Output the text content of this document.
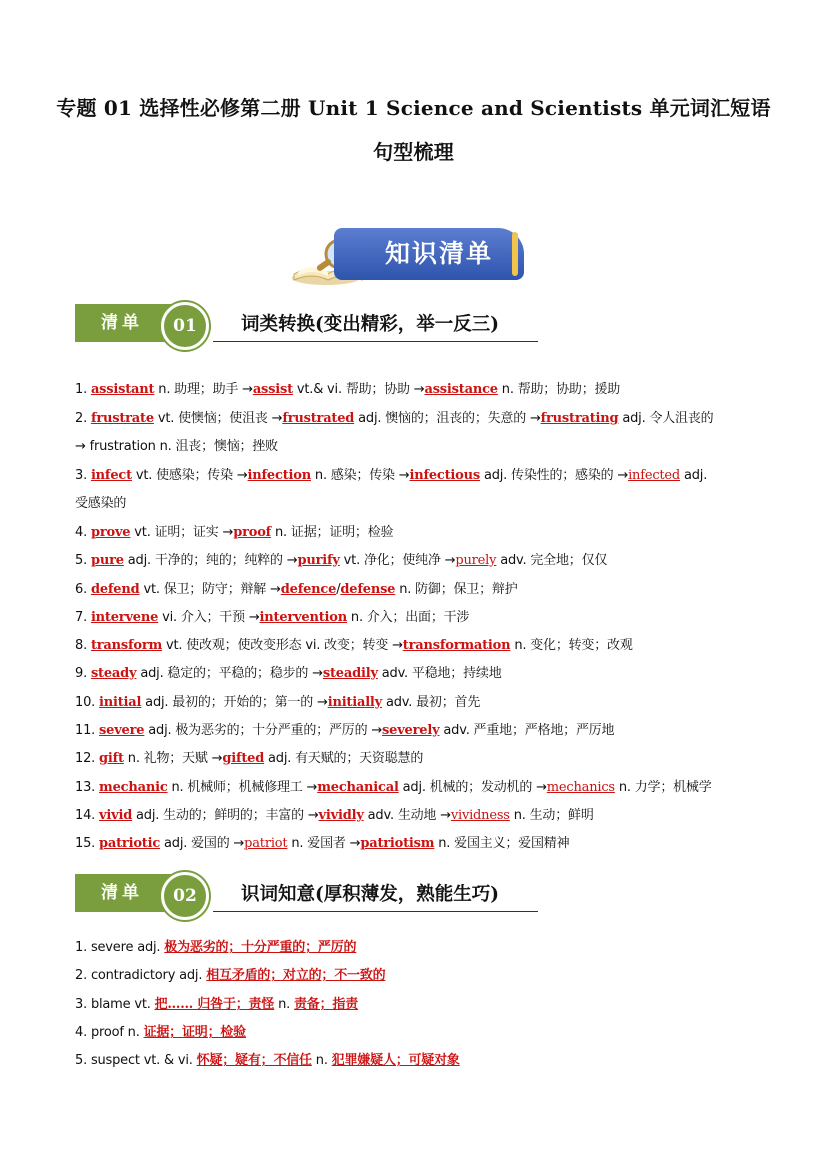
专题 01 选择性必修第二册 Unit 1 Science and Scientists 单元词汇短语
句型梳理
知识清单
清单	01	词类转换(变出精彩，举一反三)
1. assistant n. 助理；助手 →assist vt.& vi. 帮助；协助 →assistance n. 帮助；协助；援助
2. frustrate vt. 使懊恼；使沮丧 →frustrated adj. 懊恼的；沮丧的；失意的 →frustrating adj. 令人沮丧的
→ frustration n. 沮丧；懊恼；挫败
3. infect vt. 使感染；传染 →infection n. 感染；传染 →infectious adj. 传染性的；感染的 →infected adj.
受感染的
4. prove vt. 证明；证实 →proof n. 证据；证明；检验
5. pure adj. 干净的；纯的；纯粹的 →purify vt. 净化；使纯净 →purely adv. 完全地；仅仅
6. defend vt. 保卫；防守；辩解 →defence/defense n. 防御；保卫；辩护
7. intervene vi. 介入；干预 →intervention n. 介入；出面；干涉
8. transform vt. 使改观；使改变形态 vi. 改变；转变 →transformation n. 变化；转变；改观
9. steady adj. 稳定的；平稳的；稳步的 →steadily adv. 平稳地；持续地
10. initial adj. 最初的；开始的；第一的 →initially adv. 最初；首先
11. severe adj. 极为恶劣的；十分严重的；严厉的 →severely adv. 严重地；严格地；严厉地
12. gift n. 礼物；天赋 →gifted adj. 有天赋的；天资聪慧的
13. mechanic n. 机械师；机械修理工 →mechanical adj. 机械的；发动机的 →mechanics n. 力学；机械学
14. vivid adj. 生动的；鲜明的；丰富的 →vividly adv. 生动地 →vividness n. 生动；鲜明
15. patriotic adj. 爱国的 →patriot n. 爱国者 →patriotism n. 爱国主义；爱国精神
清单	02	识词知意(厚积薄发，熟能生巧)
1. severe adj. 极为恶劣的；十分严重的；严厉的
2. contradictory adj. 相互矛盾的；对立的；不一致的
3. blame vt. 把…… 归咎于；责怪 n. 责备；指责
4. proof n. 证据；证明；检验
5. suspect vt. & vi. 怀疑；疑有；不信任 n. 犯罪嫌疑人；可疑对象
